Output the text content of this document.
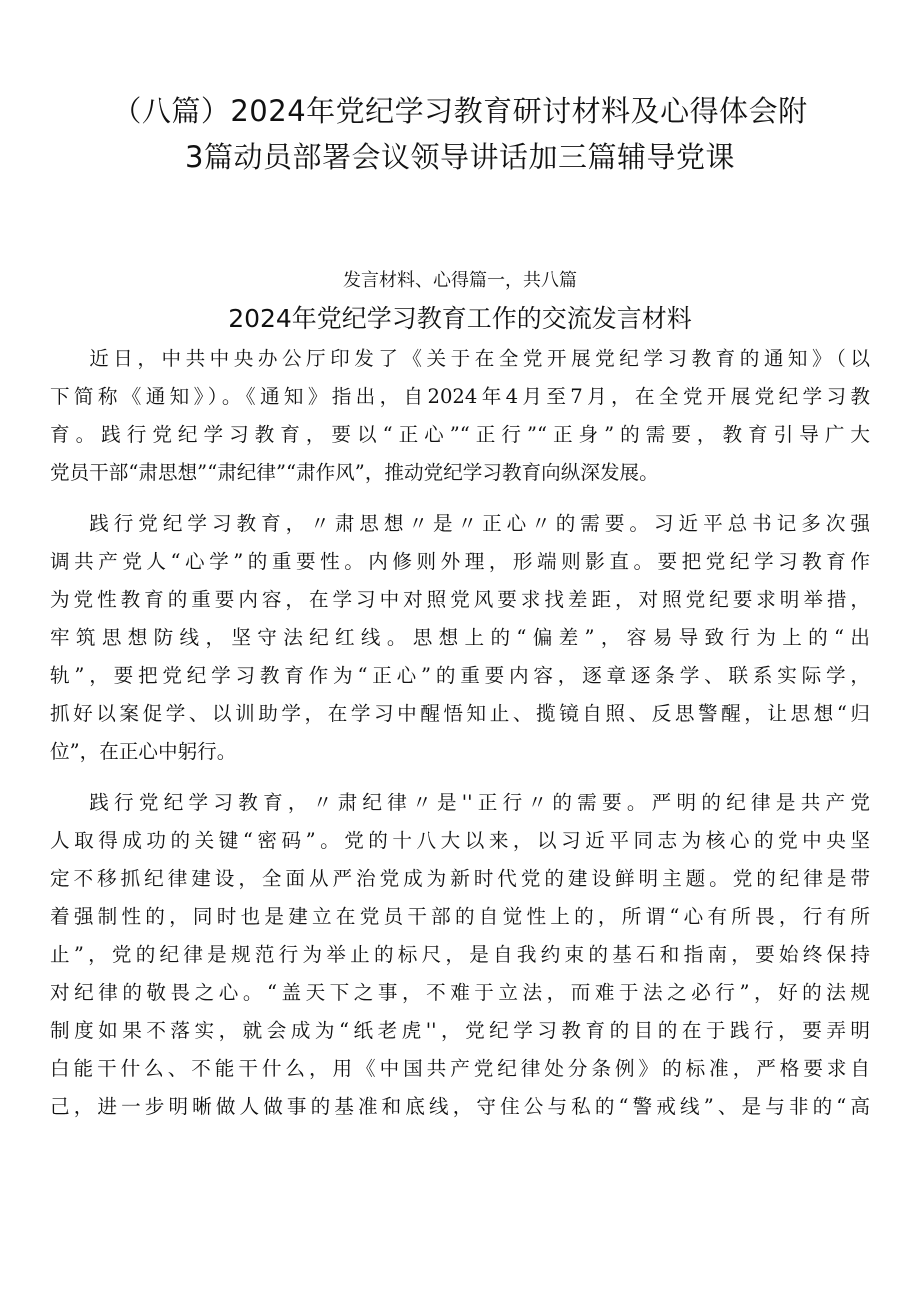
（八篇）2024年党纪学习教育研讨材料及心得体会附
3篇动员部署会议领导讲话加三篇辅导党课
发言材料、心得篇一，共八篇
2024年党纪学习教育工作的交流发言材料

近日，中共中央办公厅印发了《关于在全党开展党纪学习教育的通知》（以
下简称《通知》）。《通知》指出，自2024年4月至7月，在全党开展党纪学习教
育。践行党纪学习教育，要以“正心”“正行”“正身”的需要，教育引导广大
党员干部“肃思想”“肃纪律”“肃作风”，推动党纪学习教育向纵深发展。

践行党纪学习教育，〃肃思想〃是〃正心〃的需要。习近平总书记多次强
调共产党人“心学”的重要性。内修则外理，形端则影直。要把党纪学习教育作
为党性教育的重要内容，在学习中对照党风要求找差距，对照党纪要求明举措，
牢筑思想防线，坚守法纪红线。思想上的“偏差”，容易导致行为上的“出
轨”，要把党纪学习教育作为“正心”的重要内容，逐章逐条学、联系实际学，
抓好以案促学、以训助学，在学习中醒悟知止、揽镜自照、反思警醒，让思想“归
位”，在正心中躬行。

践行党纪学习教育，〃肃纪律〃是''正行〃的需要。严明的纪律是共产党
人取得成功的关键“密码”。党的十八大以来，以习近平同志为核心的党中央坚
定不移抓纪律建设，全面从严治党成为新时代党的建设鲜明主题。党的纪律是带
着强制性的，同时也是建立在党员干部的自觉性上的，所谓“心有所畏，行有所
止”，党的纪律是规范行为举止的标尺，是自我约束的基石和指南，要始终保持
对纪律的敬畏之心。“盖天下之事，不难于立法，而难于法之必行”，好的法规
制度如果不落实，就会成为“纸老虎''，党纪学习教育的目的在于践行，要弄明
白能干什么、不能干什么，用《中国共产党纪律处分条例》的标准，严格要求自
己，进一步明晰做人做事的基准和底线，守住公与私的“警戒线”、是与非的“高
